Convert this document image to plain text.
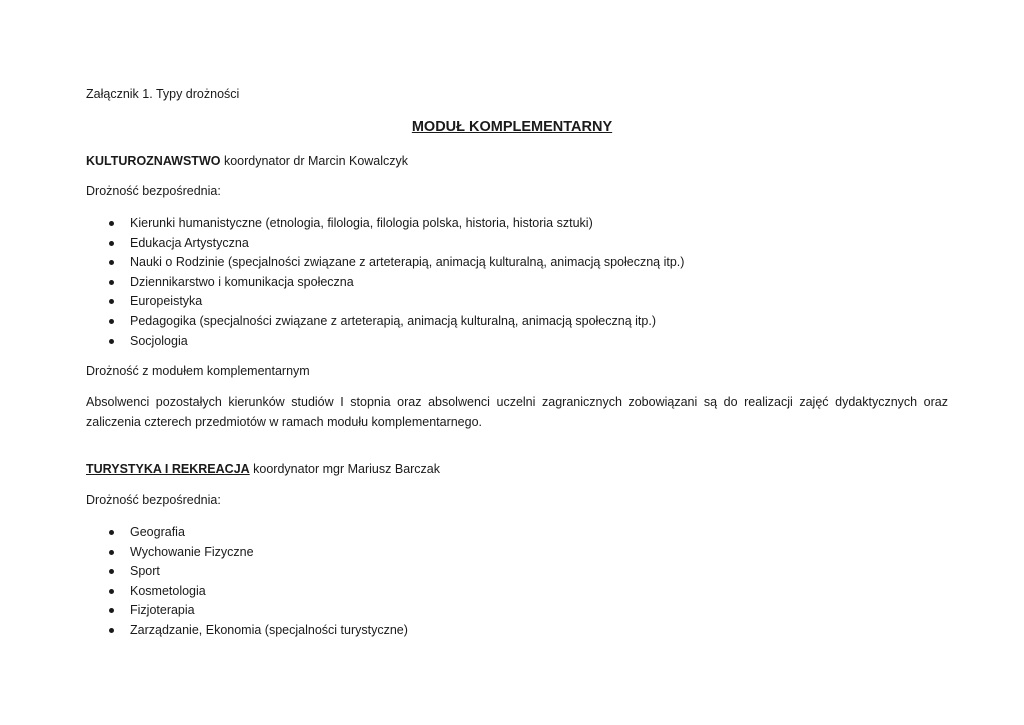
Załącznik 1. Typy drożności
MODUŁ KOMPLEMENTARNY
KULTUROZNAWSTWO koordynator dr Marcin Kowalczyk
Drożność bezpośrednia:
Kierunki humanistyczne (etnologia, filologia, filologia polska, historia, historia sztuki)
Edukacja Artystyczna
Nauki o Rodzinie (specjalności związane z arteterapią, animacją kulturalną, animacją społeczną itp.)
Dziennikarstwo i komunikacja społeczna
Europeistyka
Pedagogika (specjalności związane z arteterapią, animacją kulturalną, animacją społeczną itp.)
Socjologia
Drożność z modułem komplementarnym
Absolwenci pozostałych kierunków studiów I stopnia oraz absolwenci uczelni zagranicznych zobowiązani są do realizacji zajęć dydaktycznych oraz zaliczenia czterech przedmiotów w ramach modułu komplementarnego.
TURYSTYKA I REKREACJA koordynator mgr Mariusz Barczak
Drożność bezpośrednia:
Geografia
Wychowanie Fizyczne
Sport
Kosmetologia
Fizjoterapia
Zarządzanie, Ekonomia (specjalności turystyczne)
